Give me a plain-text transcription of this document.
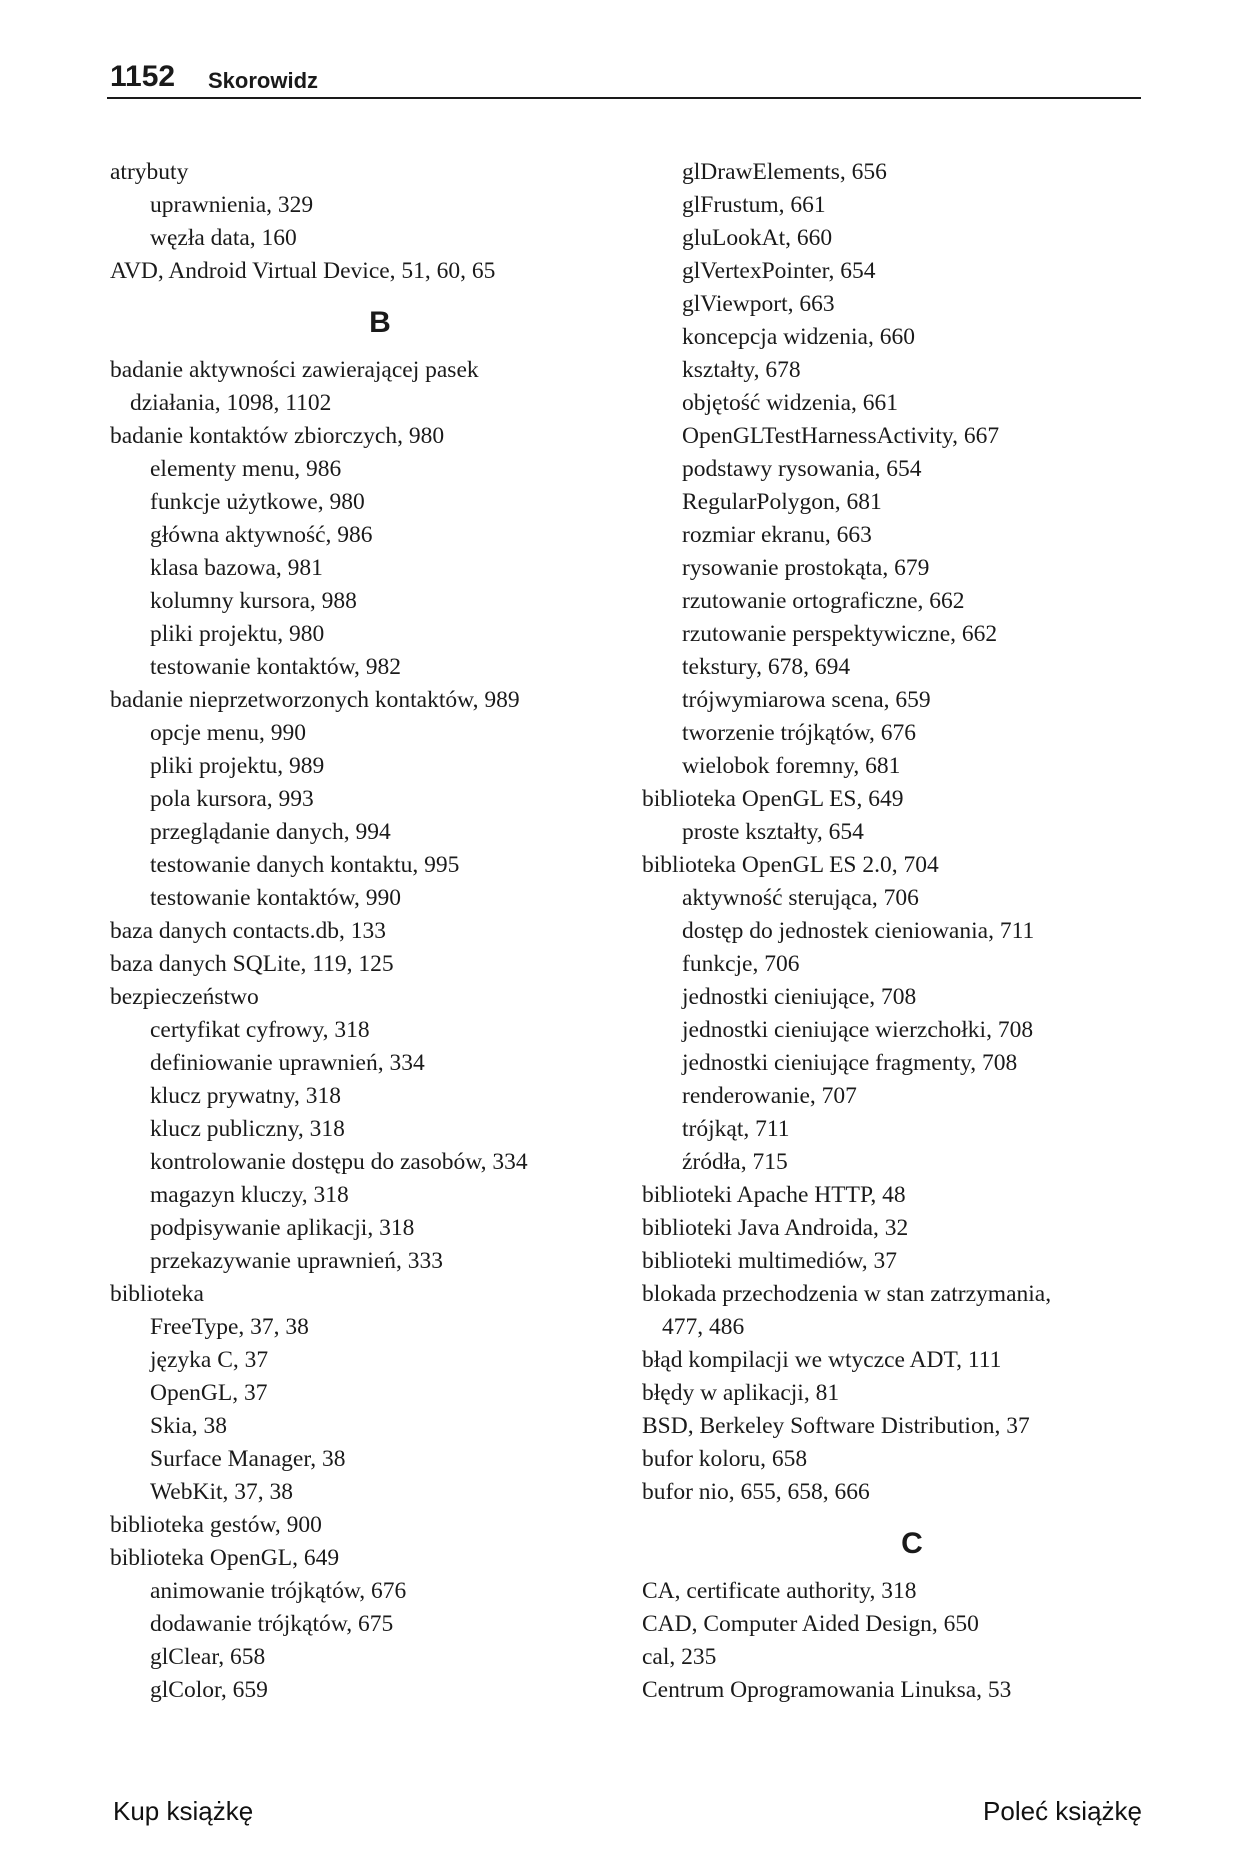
1152 Skorowidz
atrybuty
uprawnienia, 329
węzła data, 160
AVD, Android Virtual Device, 51, 60, 65
B
badanie aktywności zawierającej pasek
działania, 1098, 1102
badanie kontaktów zbiorczych, 980
elementy menu, 986
funkcje użytkowe, 980
główna aktywność, 986
klasa bazowa, 981
kolumny kursora, 988
pliki projektu, 980
testowanie kontaktów, 982
badanie nieprzetworzonych kontaktów, 989
opcje menu, 990
pliki projektu, 989
pola kursora, 993
przeglądanie danych, 994
testowanie danych kontaktu, 995
testowanie kontaktów, 990
baza danych contacts.db, 133
baza danych SQLite, 119, 125
bezpieczeństwo
certyfikat cyfrowy, 318
definiowanie uprawnień, 334
klucz prywatny, 318
klucz publiczny, 318
kontrolowanie dostępu do zasobów, 334
magazyn kluczy, 318
podpisywanie aplikacji, 318
przekazywanie uprawnień, 333
biblioteka
FreeType, 37, 38
języka C, 37
OpenGL, 37
Skia, 38
Surface Manager, 38
WebKit, 37, 38
biblioteka gestów, 900
biblioteka OpenGL, 649
animowanie trójkątów, 676
dodawanie trójkątów, 675
glClear, 658
glColor, 659
glDrawElements, 656
glFrustum, 661
gluLookAt, 660
glVertexPointer, 654
glViewport, 663
koncepcja widzenia, 660
kształty, 678
objętość widzenia, 661
OpenGLTestHarnessActivity, 667
podstawy rysowania, 654
RegularPolygon, 681
rozmiar ekranu, 663
rysowanie prostokąta, 679
rzutowanie ortograficzne, 662
rzutowanie perspektywiczne, 662
tekstury, 678, 694
trójwymiarowa scena, 659
tworzenie trójkątów, 676
wielobok foremny, 681
biblioteka OpenGL ES, 649
proste kształty, 654
biblioteka OpenGL ES 2.0, 704
aktywność sterująca, 706
dostęp do jednostek cieniowania, 711
funkcje, 706
jednostki cieniujące, 708
jednostki cieniujące wierzchołki, 708
jednostki cieniujące fragmenty, 708
renderowanie, 707
trójkąt, 711
źródła, 715
biblioteki Apache HTTP, 48
biblioteki Java Androida, 32
biblioteki multimediów, 37
blokada przechodzenia w stan zatrzymania,
477, 486
błąd kompilacji we wtyczce ADT, 111
błędy w aplikacji, 81
BSD, Berkeley Software Distribution, 37
bufor koloru, 658
bufor nio, 655, 658, 666
C
CA, certificate authority, 318
CAD, Computer Aided Design, 650
cal, 235
Centrum Oprogramowania Linuksa, 53
Kup książkę	Poleć książkę
